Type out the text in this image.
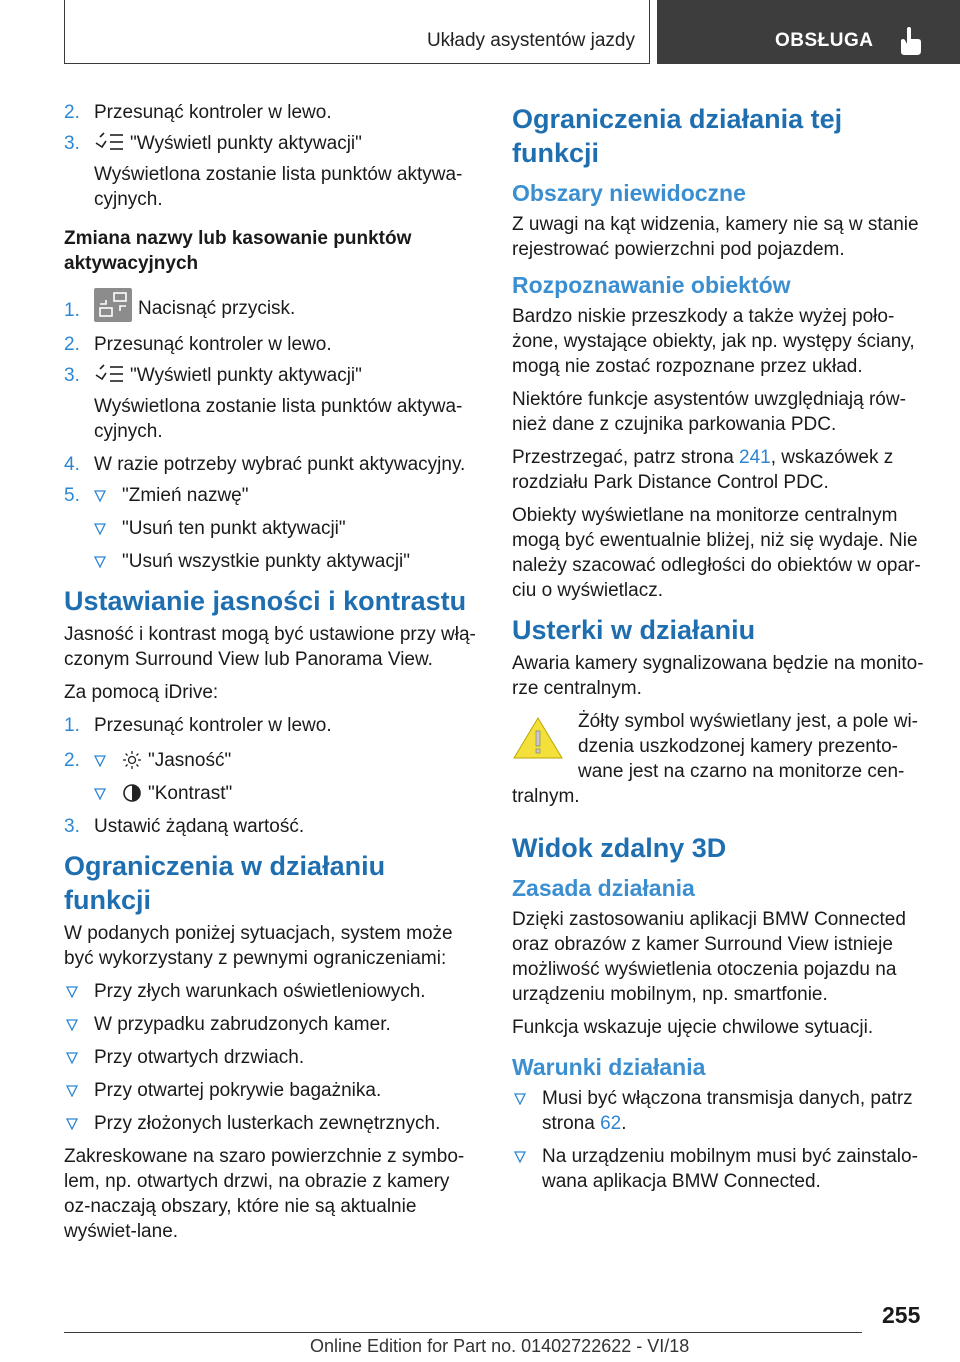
Układy asystentów jazdy	OBSŁUGA
2. Przesunąć kontroler w lewo.
3.	"Wyświetl punkty aktywacji"
Wyświetlona zostanie lista punktów aktywa-cyjnych.
Zmiana nazwy lub kasowanie punktów aktywacyjnych
1.	Nacisnąć przycisk.
2. Przesunąć kontroler w lewo.
3.	"Wyświetl punkty aktywacji"
Wyświetlona zostanie lista punktów aktywa-cyjnych.
4. W razie potrzeby wybrać punkt aktywacyjny.
5.	"Zmień nazwę"
"Usuń ten punkt aktywacji"
"Usuń wszystkie punkty aktywacji"
Ustawianie jasności i kontrastu

Jasność i kontrast mogą być ustawione przy włą-czonym Surround View lub Panorama View.

Za pomocą iDrive:

1. Przesunąć kontroler w lewo.
2.	"Jasność"
"Kontrast"
3. Ustawić żądaną wartość.
Ograniczenia w działaniu funkcji

W podanych poniżej sytuacjach, system może być wykorzystany z pewnymi ograniczeniami:

Przy złych warunkach oświetleniowych.
W przypadku zabrudzonych kamer.
Przy otwartych drzwiach.
Przy otwartej pokrywie bagażnika.
Przy złożonych lusterkach zewnętrznych.

Zakreskowane na szaro powierzchnie z symbo-lem, np. otwartych drzwi, na obrazie z kamery oz-naczają obszary, które nie są aktualnie wyświet-lane.

Ograniczenia działania tej funkcji
Obszary niewidoczne

Z uwagi na kąt widzenia, kamery nie są w stanie rejestrować powierzchni pod pojazdem.

Rozpoznawanie obiektów

Bardzo niskie przeszkody a także wyżej poło-żone, wystające obiekty, jak np. występy ściany, mogą nie zostać rozpoznane przez układ.

Niektóre funkcje asystentów uwzględniają rów-nież dane z czujnika parkowania PDC.

Przestrzegać, patrz strona 241, wskazówek z rozdziału Park Distance Control PDC.

Obiekty wyświetlane na monitorze centralnym mogą być ewentualnie bliżej, niż się wydaje. Nie należy szacować odległości do obiektów w opar-ciu o wyświetlacz.

Usterki w działaniu

Awaria kamery sygnalizowana będzie na monito-rze centralnym.

Żółty symbol wyświetlany jest, a pole wi-dzenia uszkodzonej kamery prezento-wane jest na czarno na monitorze cen-

tralnym.

Widok zdalny 3D
Zasada działania

Dzięki zastosowaniu aplikacji BMW Connected oraz obrazów z kamer Surround View istnieje możliwość wyświetlenia otoczenia pojazdu na urządzeniu mobilnym, np. smartfonie.

Funkcja wskazuje ujęcie chwilowe sytuacji.

Warunki działania
Musi być włączona transmisja danych, patrz strona 62.
Na urządzeniu mobilnym musi być zainstalo-wana aplikacja BMW Connected.
255
Online Edition for Part no. 01402722622 - VI/18
